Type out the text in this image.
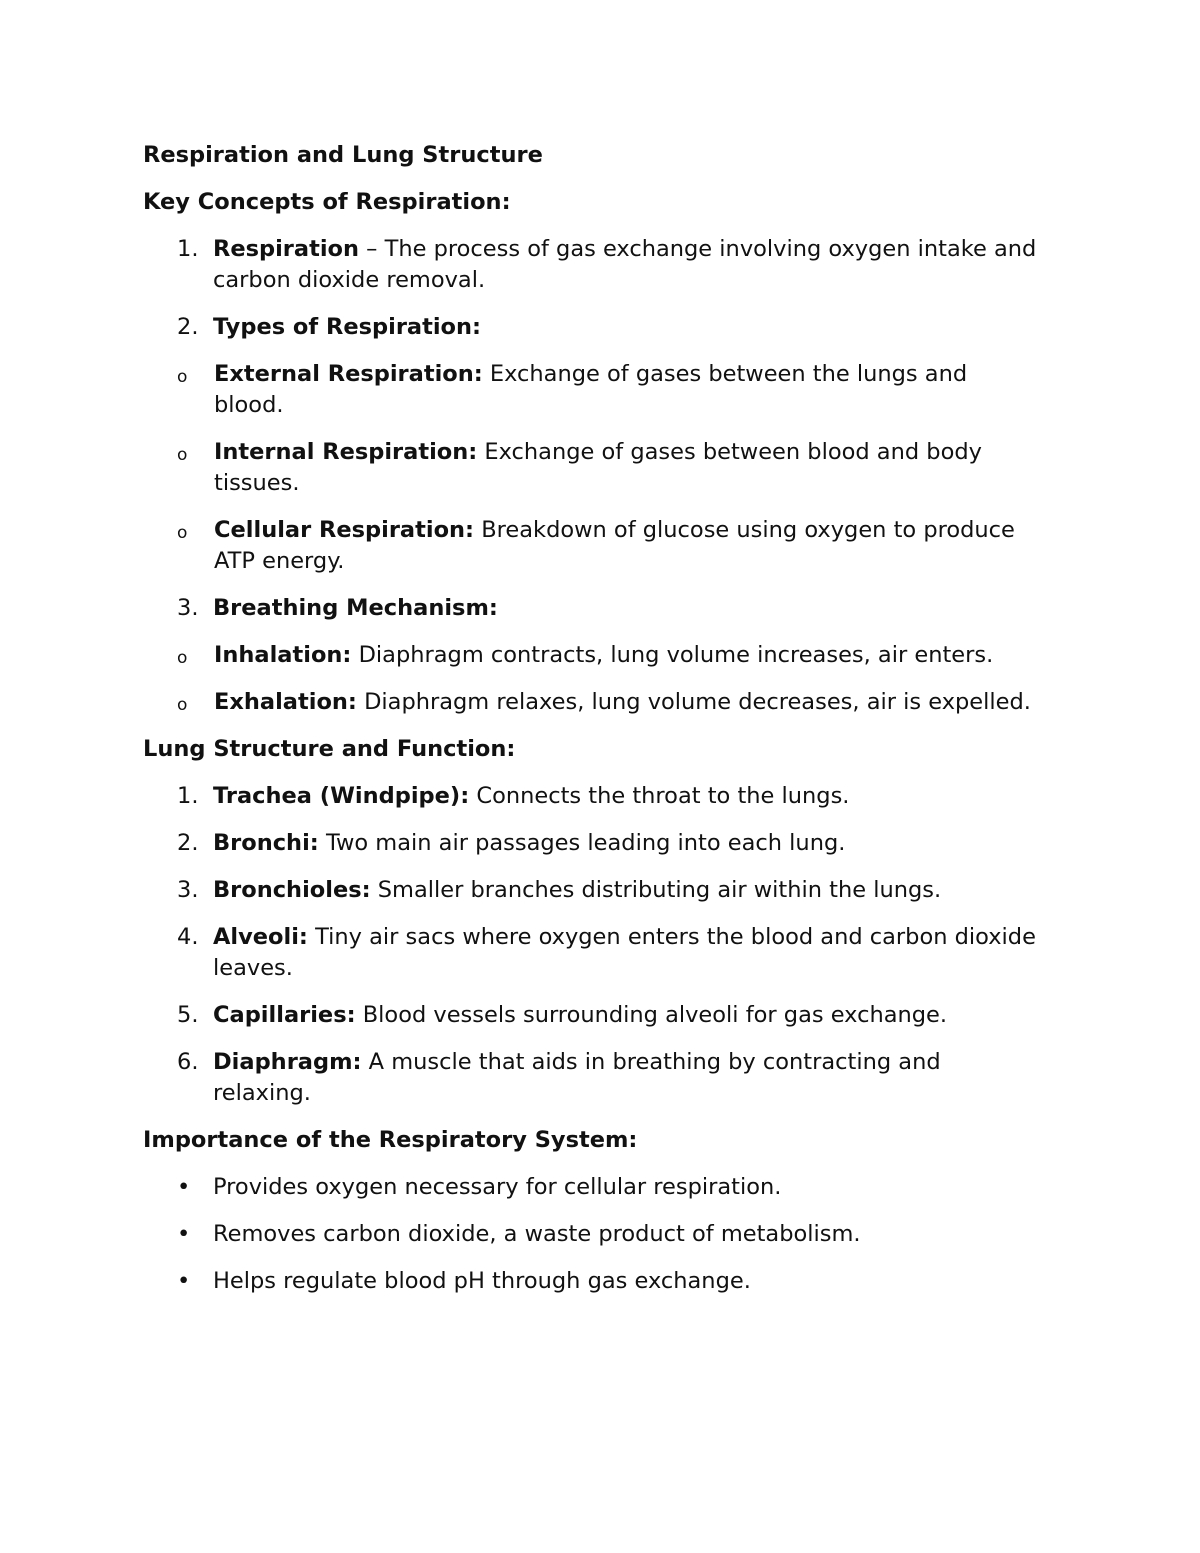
Respiration and Lung Structure

Key Concepts of Respiration:

1. Respiration – The process of gas exchange involving oxygen intake and carbon dioxide removal.
2. Types of Respiration:
o External Respiration: Exchange of gases between the lungs and blood.
o Internal Respiration: Exchange of gases between blood and body tissues.
o Cellular Respiration: Breakdown of glucose using oxygen to produce ATP energy.
3. Breathing Mechanism:
o Inhalation: Diaphragm contracts, lung volume increases, air enters.
o Exhalation: Diaphragm relaxes, lung volume decreases, air is expelled.

Lung Structure and Function:

1. Trachea (Windpipe): Connects the throat to the lungs.
2. Bronchi: Two main air passages leading into each lung.
3. Bronchioles: Smaller branches distributing air within the lungs.
4. Alveoli: Tiny air sacs where oxygen enters the blood and carbon dioxide leaves.
5. Capillaries: Blood vessels surrounding alveoli for gas exchange.
6. Diaphragm: A muscle that aids in breathing by contracting and relaxing.

Importance of the Respiratory System:

• Provides oxygen necessary for cellular respiration.
• Removes carbon dioxide, a waste product of metabolism.
• Helps regulate blood pH through gas exchange.
